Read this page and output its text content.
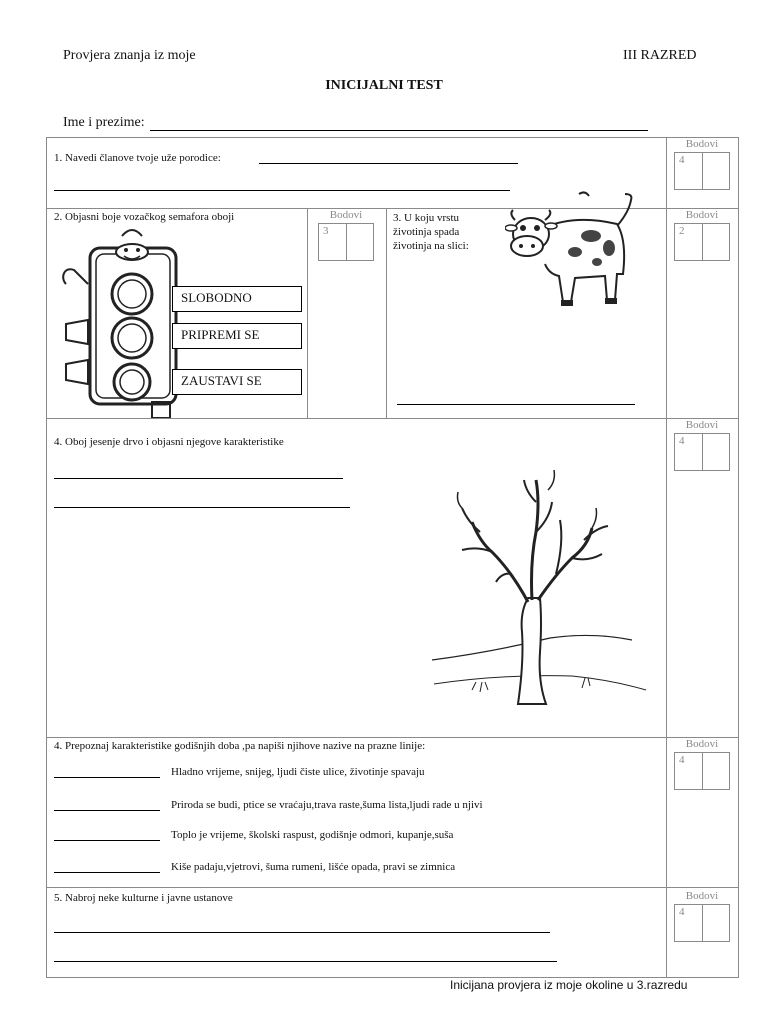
Provjera znanja iz moje	III RAZRED
INICIJALNI TEST
Ime i prezime:
1. Navedi članove tvoje uže porodice:
Bodovi
4
2. Objasni boje vozačkog semafora oboji
SLOBODNO
PRIPREMI SE
ZAUSTAVI SE
Bodovi
3
3. U koju vrstu
životinja spada
životinja na slici:
Bodovi
2
4. Oboj jesenje drvo i objasni njegove karakteristike
Bodovi
4
4. Prepoznaj karakteristike godišnjih doba ,pa napiši njihove nazive na prazne linije:
Hladno vrijeme, snijeg, ljudi čiste ulice, životinje spavaju
Priroda se budi, ptice se vraćaju,trava raste,šuma lista,ljudi rade u njivi
Toplo je vrijeme, školski raspust, godišnje odmori, kupanje,suša
Kiše padaju,vjetrovi, šuma rumeni, lišće opada, pravi se zimnica
Bodovi
4
5. Nabroj neke kulturne i javne ustanove	Bodovi
4
Inicijana provjera iz moje okoline u 3.razredu
